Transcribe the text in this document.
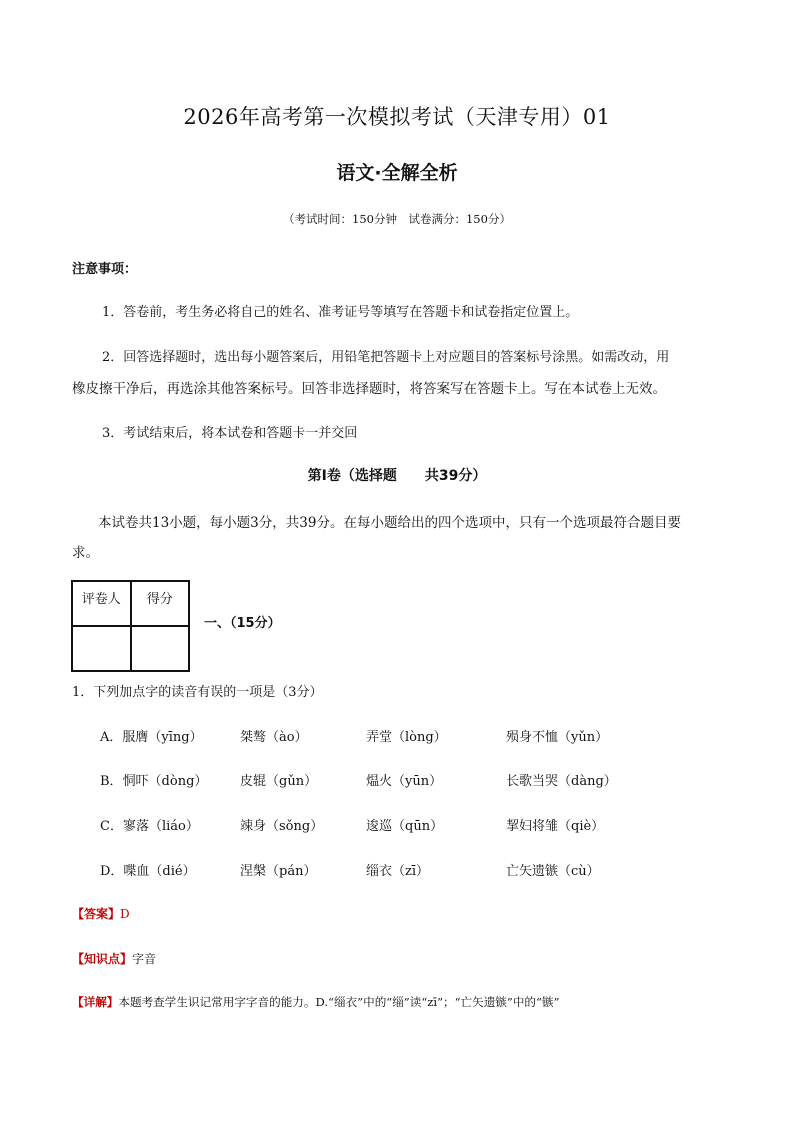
2026年高考第一次模拟考试（天津专用）01
语文·全解全析
（考试时间：150分钟　试卷满分：150分）
注意事项：
1．答卷前，考生务必将自己的姓名、准考证号等填写在答题卡和试卷指定位置上。
2．回答选择题时，选出每小题答案后，用铅笔把答题卡上对应题目的答案标号涂黑。如需改动，用
橡皮擦干净后，再选涂其他答案标号。回答非选择题时，将答案写在答题卡上。写在本试卷上无效。
3．考试结束后，将本试卷和答题卡一并交回
第Ⅰ卷（选择题　　共39分）
本试卷共13小题，每小题3分，共39分。在每小题给出的四个选项中，只有一个选项最符合题目要
求。
评卷人	得分

一、（15分）
1．下列加点字的读音有误的一项是（3分）
A．服膺（yīng）	桀骜（ào）	弄堂（lòng）	殒身不恤（yǔn）
B．恫吓（dòng）	皮辊（gǔn）	煴火（yūn）	长歌当哭（dàng）
C．寥落（liáo）	竦身（sǒng）	逡巡（qūn）	挈妇将雏（qiè）
D．喋血（dié）	涅槃（pán）	缁衣（zī）	亡矢遗镞（cù）
【答案】D
【知识点】字音
【详解】本题考查学生识记常用字字音的能力。D.“缁衣”中的“缁”读“zī”；“亡矢遗镞”中的“镞”
